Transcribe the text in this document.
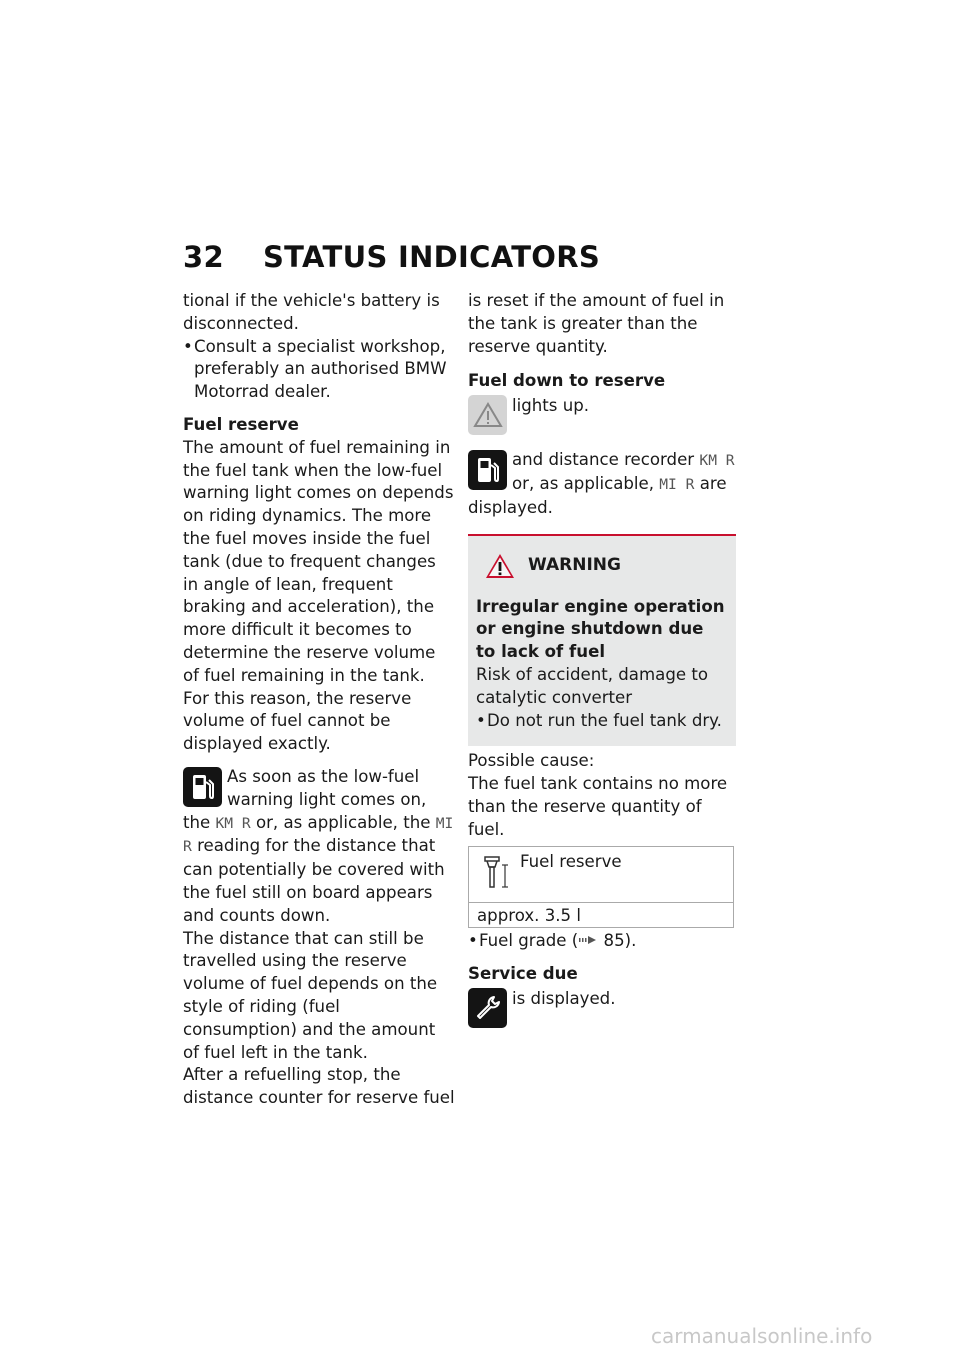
32 STATUS INDICATORS

tional if the vehicle's battery is disconnected.

• Consult a specialist workshop, preferably an authorised BMW Motorrad dealer.

Fuel reserve

The amount of fuel remaining in the fuel tank when the low-fuel warning light comes on depends on riding dynamics. The more the fuel moves inside the fuel tank (due to frequent changes in angle of lean, frequent braking and acceleration), the more difficult it becomes to determine the reserve volume of fuel remaining in the tank. For this reason, the reserve volume of fuel cannot be displayed exactly.

As soon as the low-fuel warning light comes on, the KM R or, as applicable, the MI R reading for the distance that can potentially be covered with the fuel still on board appears and counts down.

The distance that can still be travelled using the reserve volume of fuel depends on the style of riding (fuel consumption) and the amount of fuel left in the tank.

After a refuelling stop, the distance counter for reserve fuel

is reset if the amount of fuel in the tank is greater than the reserve quantity.

Fuel down to reserve

lights up.
and distance recorder KM R or, as applicable, MI R are displayed.
WARNING

Irregular engine operation or engine shutdown due to lack of fuel

Risk of accident, damage to catalytic converter

• Do not run the fuel tank dry.

Possible cause:

The fuel tank contains no more than the reserve quantity of fuel.

Fuel reserve

approx. 3.5 l

• Fuel grade ( 85).

Service due

is displayed.
carmanualsonline.info
